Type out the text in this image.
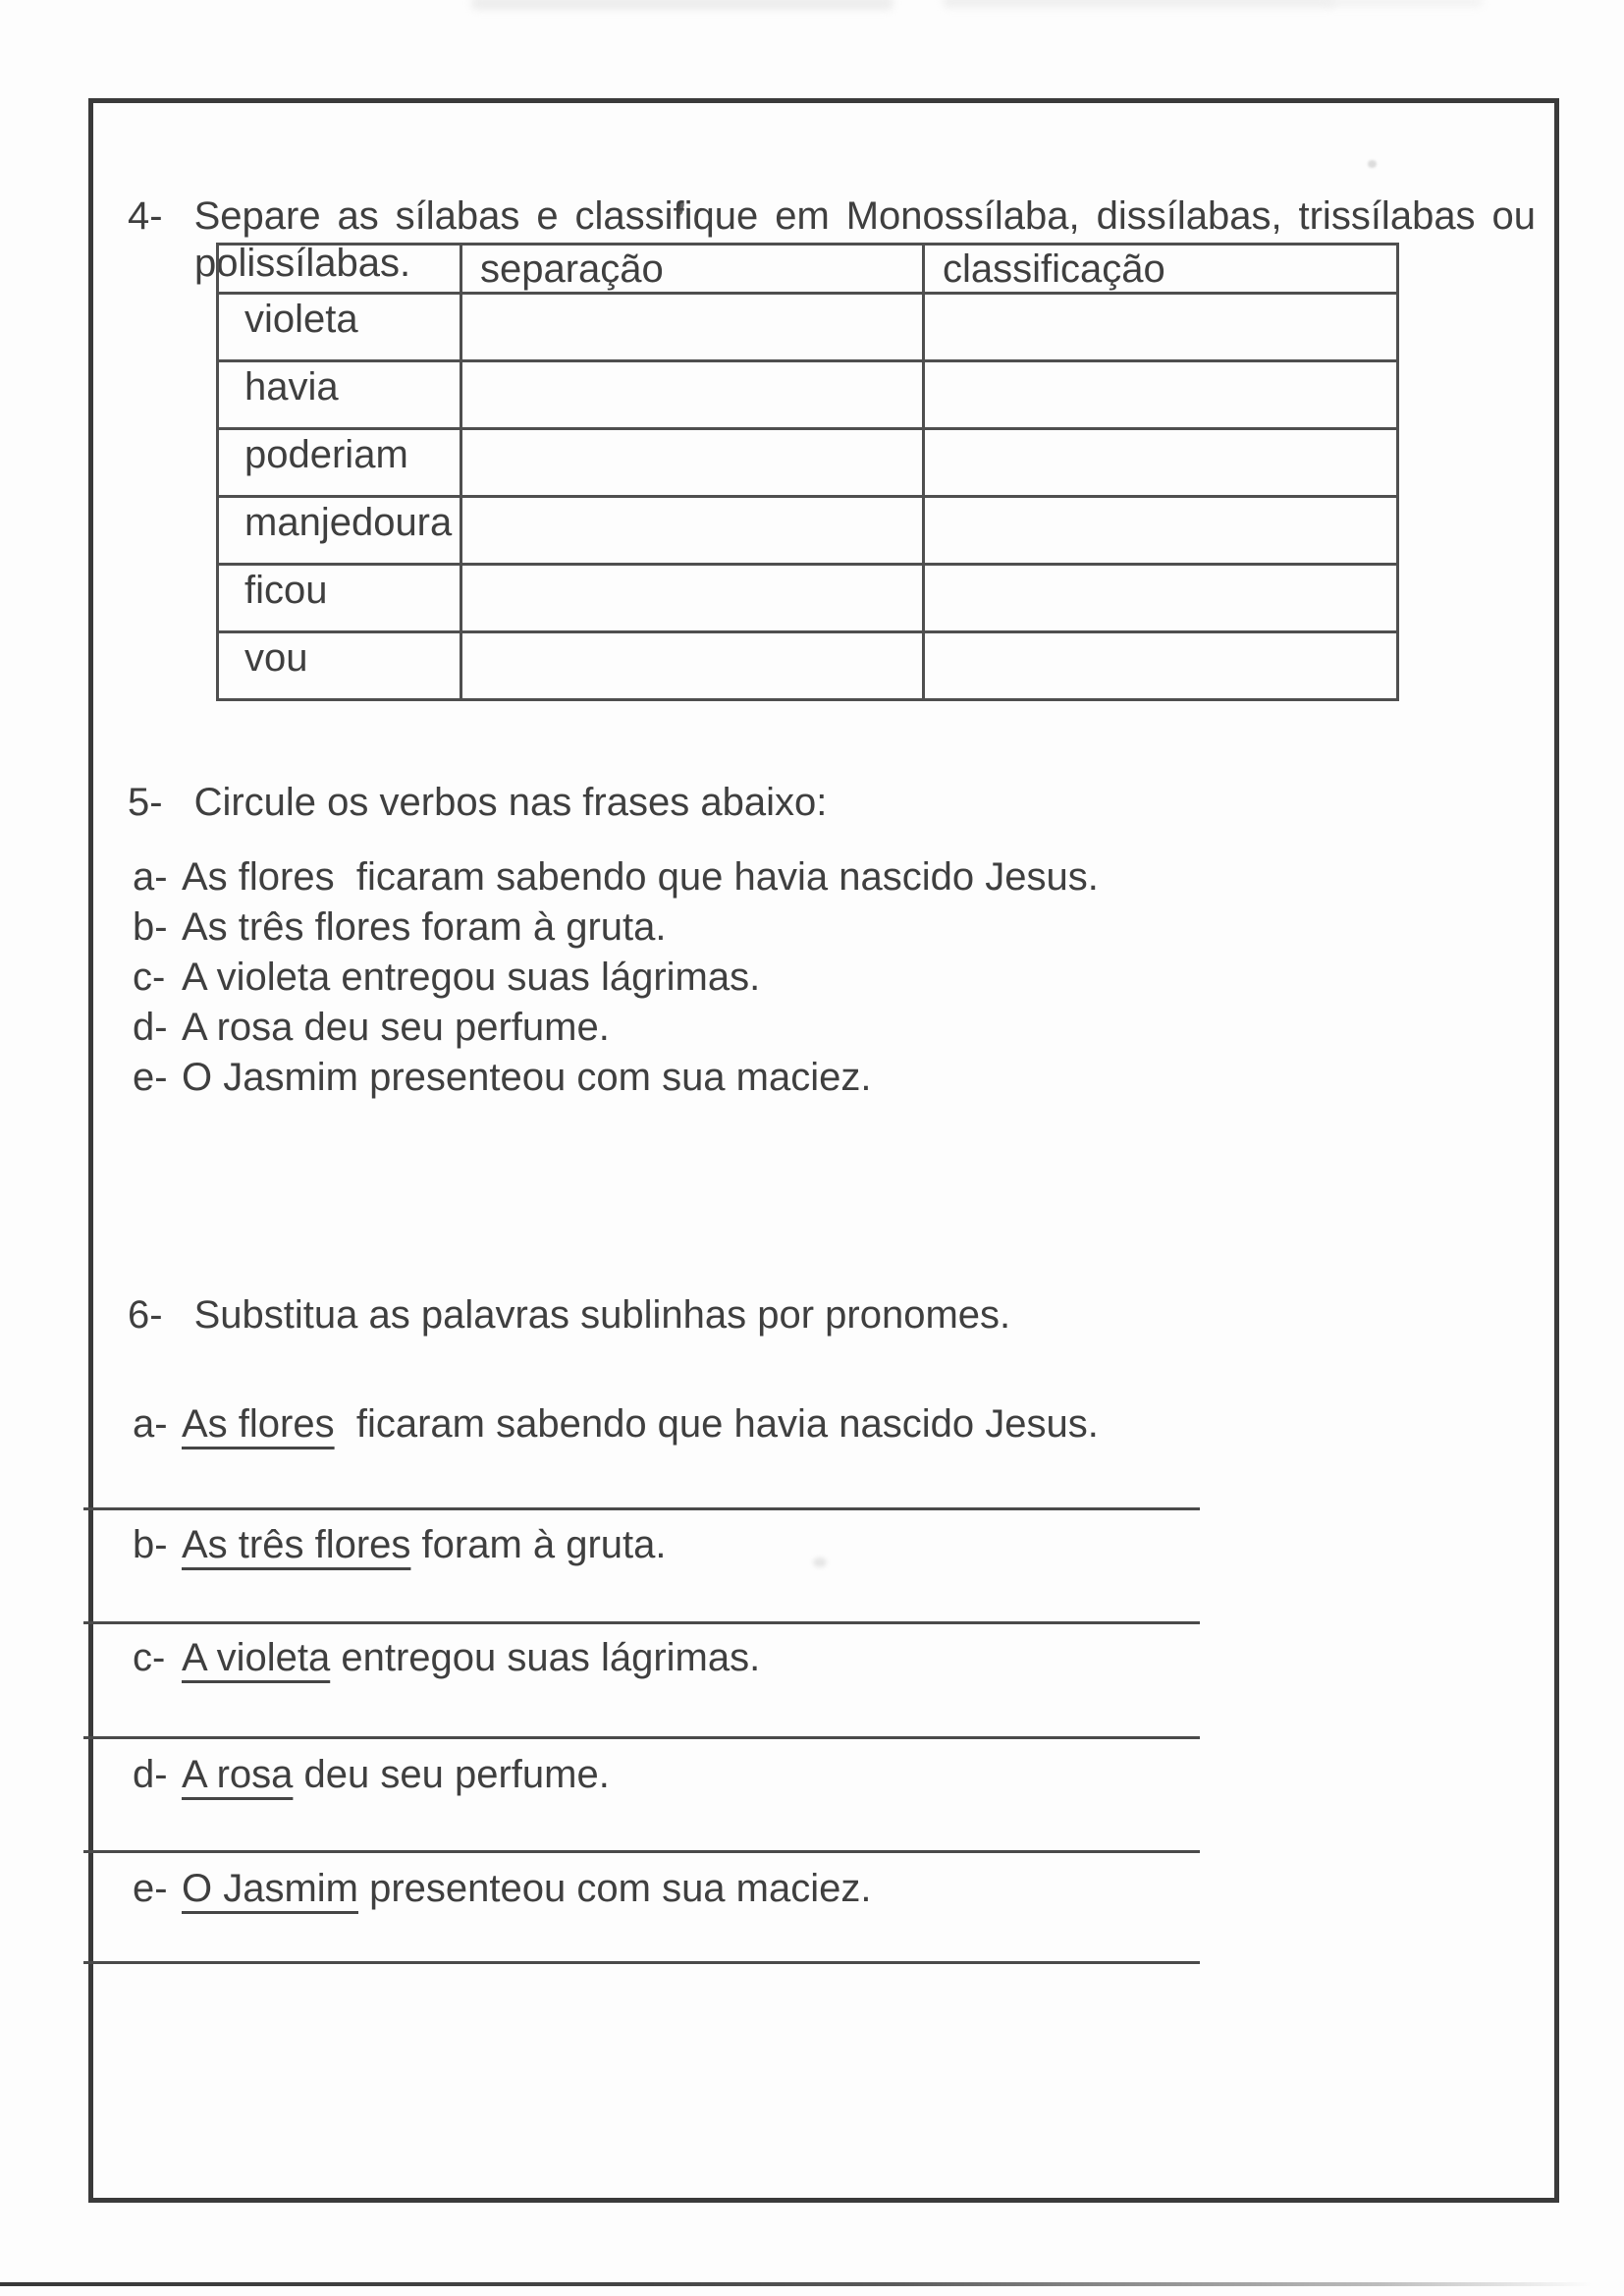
4- Separe as sílabas e classifique em Monossílaba, dissílabas, trissílabas ou polissílabas.

		separação	classificação
violeta		
havia		
poderiam		
manjedoura		
ficou		
vou		

5- Circule os verbos nas frases abaixo:

a- As flores  ficaram sabendo que havia nascido Jesus.
b- As três flores foram à gruta.
c- A violeta entregou suas lágrimas.
d- A rosa deu seu perfume.
e- O Jasmim presenteou com sua maciez.

6- Substitua as palavras sublinhas por pronomes.

a- As flores  ficaram sabendo que havia nascido Jesus.
b- As três flores foram à gruta.
c- A violeta entregou suas lágrimas.
d- A rosa deu seu perfume.
e- O Jasmim presenteou com sua maciez.
